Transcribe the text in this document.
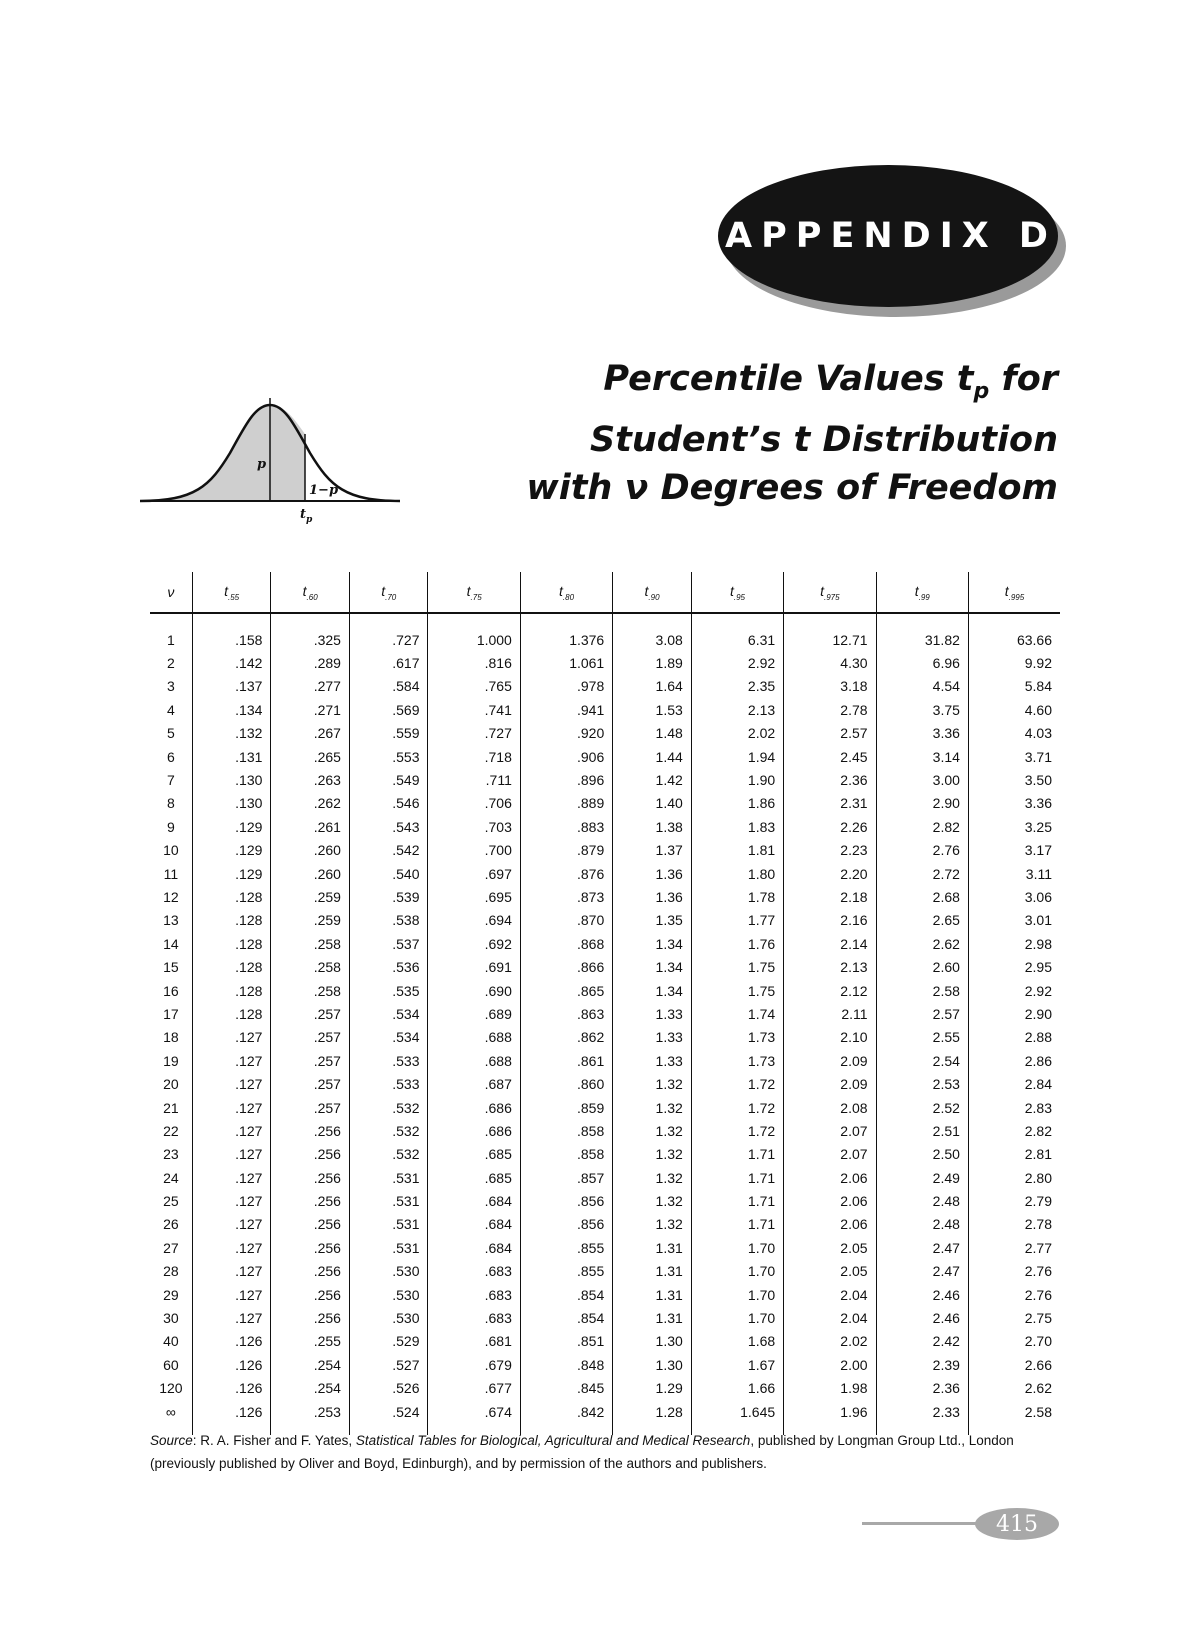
APPENDIX D
Percentile Values $t_p$ for
Student’s t Distribution
with ν Degrees of Freedom
p
1−p
$t_p$
ν	$t_{.55}$	$t_{.60}$	$t_{.70}$	$t_{.75}$	$t_{.80}$	$t_{.90}$	$t_{.95}$	$t_{.975}$	$t_{.99}$	$t_{.995}$
1	.158	.325	.727	1.000	1.376	3.08	6.31	12.71	31.82	63.66
2	.142	.289	.617	.816	1.061	1.89	2.92	4.30	6.96	9.92
3	.137	.277	.584	.765	.978	1.64	2.35	3.18	4.54	5.84
4	.134	.271	.569	.741	.941	1.53	2.13	2.78	3.75	4.60
5	.132	.267	.559	.727	.920	1.48	2.02	2.57	3.36	4.03
6	.131	.265	.553	.718	.906	1.44	1.94	2.45	3.14	3.71
7	.130	.263	.549	.711	.896	1.42	1.90	2.36	3.00	3.50
8	.130	.262	.546	.706	.889	1.40	1.86	2.31	2.90	3.36
9	.129	.261	.543	.703	.883	1.38	1.83	2.26	2.82	3.25
10	.129	.260	.542	.700	.879	1.37	1.81	2.23	2.76	3.17
11	.129	.260	.540	.697	.876	1.36	1.80	2.20	2.72	3.11
12	.128	.259	.539	.695	.873	1.36	1.78	2.18	2.68	3.06
13	.128	.259	.538	.694	.870	1.35	1.77	2.16	2.65	3.01
14	.128	.258	.537	.692	.868	1.34	1.76	2.14	2.62	2.98
15	.128	.258	.536	.691	.866	1.34	1.75	2.13	2.60	2.95
16	.128	.258	.535	.690	.865	1.34	1.75	2.12	2.58	2.92
17	.128	.257	.534	.689	.863	1.33	1.74	2.11	2.57	2.90
18	.127	.257	.534	.688	.862	1.33	1.73	2.10	2.55	2.88
19	.127	.257	.533	.688	.861	1.33	1.73	2.09	2.54	2.86
20	.127	.257	.533	.687	.860	1.32	1.72	2.09	2.53	2.84
21	.127	.257	.532	.686	.859	1.32	1.72	2.08	2.52	2.83
22	.127	.256	.532	.686	.858	1.32	1.72	2.07	2.51	2.82
23	.127	.256	.532	.685	.858	1.32	1.71	2.07	2.50	2.81
24	.127	.256	.531	.685	.857	1.32	1.71	2.06	2.49	2.80
25	.127	.256	.531	.684	.856	1.32	1.71	2.06	2.48	2.79
26	.127	.256	.531	.684	.856	1.32	1.71	2.06	2.48	2.78
27	.127	.256	.531	.684	.855	1.31	1.70	2.05	2.47	2.77
28	.127	.256	.530	.683	.855	1.31	1.70	2.05	2.47	2.76
29	.127	.256	.530	.683	.854	1.31	1.70	2.04	2.46	2.76
30	.127	.256	.530	.683	.854	1.31	1.70	2.04	2.46	2.75
40	.126	.255	.529	.681	.851	1.30	1.68	2.02	2.42	2.70
60	.126	.254	.527	.679	.848	1.30	1.67	2.00	2.39	2.66
120	.126	.254	.526	.677	.845	1.29	1.66	1.98	2.36	2.62
∞	.126	.253	.524	.674	.842	1.28	1.645	1.96	2.33	2.58
Source: R. A. Fisher and F. Yates, Statistical Tables for Biological, Agricultural and Medical Research, published by Longman Group Ltd., London (previously published by Oliver and Boyd, Edinburgh), and by permission of the authors and publishers.
415
